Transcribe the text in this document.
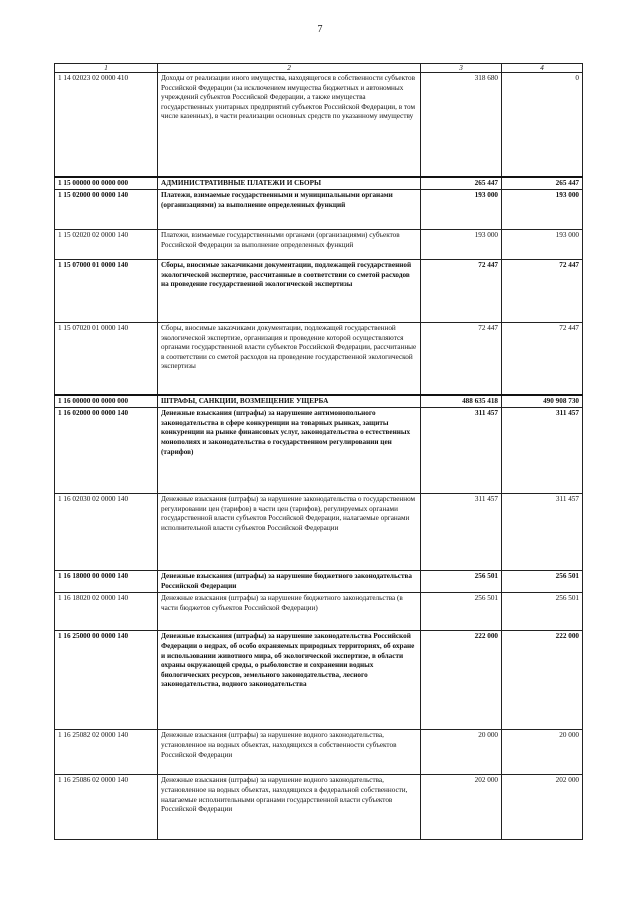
7
1	2	3	4
1 14 02023 02 0000 410	Доходы от реализации иного имущества, находящегося в собственности субъектов Российской Федерации (за исключением имущества бюджетных и автономных учреждений субъектов Российской Федерации, а также имущества государственных унитарных предприятий субъектов Российской Федерации, в том числе казенных), в части реализации основных средств по указанному имуществу	318 680	0
1 15 00000 00 0000 000	АДМИНИСТРАТИВНЫЕ ПЛАТЕЖИ И СБОРЫ	265 447	265 447
1 15 02000 00 0000 140	Платежи, взимаемые государственными и муниципальными органами (организациями) за выполнение определенных функций	193 000	193 000
1 15 02020 02 0000 140	Платежи, взимаемые государственными органами (организациями) субъектов Российской Федерации за выполнение определенных функций	193 000	193 000
1 15 07000 01 0000 140	Сборы, вносимые заказчиками документации, подлежащей государственной экологической экспертизе, рассчитанные в соответствии со сметой расходов на проведение государственной экологической экспертизы	72 447	72 447
1 15 07020 01 0000 140	Сборы, вносимые заказчиками документации, подлежащей государственной экологической экспертизе, организация и проведение которой осуществляются органами государственной власти субъектов Российской Федерации, рассчитанные в соответствии со сметой расходов на проведение государственной экологической экспертизы	72 447	72 447
1 16 00000 00 0000 000	ШТРАФЫ, САНКЦИИ, ВОЗМЕЩЕНИЕ УЩЕРБА	488 635 418	490 908 730
1 16 02000 00 0000 140	Денежные взыскания (штрафы) за нарушение антимонопольного законодательства в сфере конкуренции на товарных рынках, защиты конкуренции на рынке финансовых услуг, законодательства о естественных монополиях и законодательства о государственном регулировании цен (тарифов)	311 457	311 457
1 16 02030 02 0000 140	Денежные взыскания (штрафы) за нарушение законодательства о государственном регулировании цен (тарифов) в части цен (тарифов), регулируемых органами государственной власти субъектов Российской Федерации, налагаемые органами исполнительной власти субъектов Российской Федерации	311 457	311 457
1 16 18000 00 0000 140	Денежные взыскания (штрафы) за нарушение бюджетного законодательства Российской Федерации	256 501	256 501
1 16 18020 02 0000 140	Денежные взыскания (штрафы) за нарушение бюджетного законодательства (в части бюджетов субъектов Российской Федерации)	256 501	256 501
1 16 25000 00 0000 140	Денежные взыскания (штрафы) за нарушение законодательства Российской Федерации о недрах, об особо охраняемых природных территориях, об охране и использовании животного мира, об экологической экспертизе, в области охраны окружающей среды, о рыболовстве и сохранении водных биологических ресурсов, земельного законодательства, лесного законодательства, водного законодательства	222 000	222 000
1 16 25082 02 0000 140	Денежные взыскания (штрафы) за нарушение водного законодательства, установленное на водных объектах, находящихся в собственности субъектов Российской Федерации	20 000	20 000
1 16 25086 02 0000 140	Денежные взыскания (штрафы) за нарушение водного законодательства, установленное на водных объектах, находящихся в федеральной собственности, налагаемые исполнительными органами государственной власти субъектов Российской Федерации	202 000	202 000
